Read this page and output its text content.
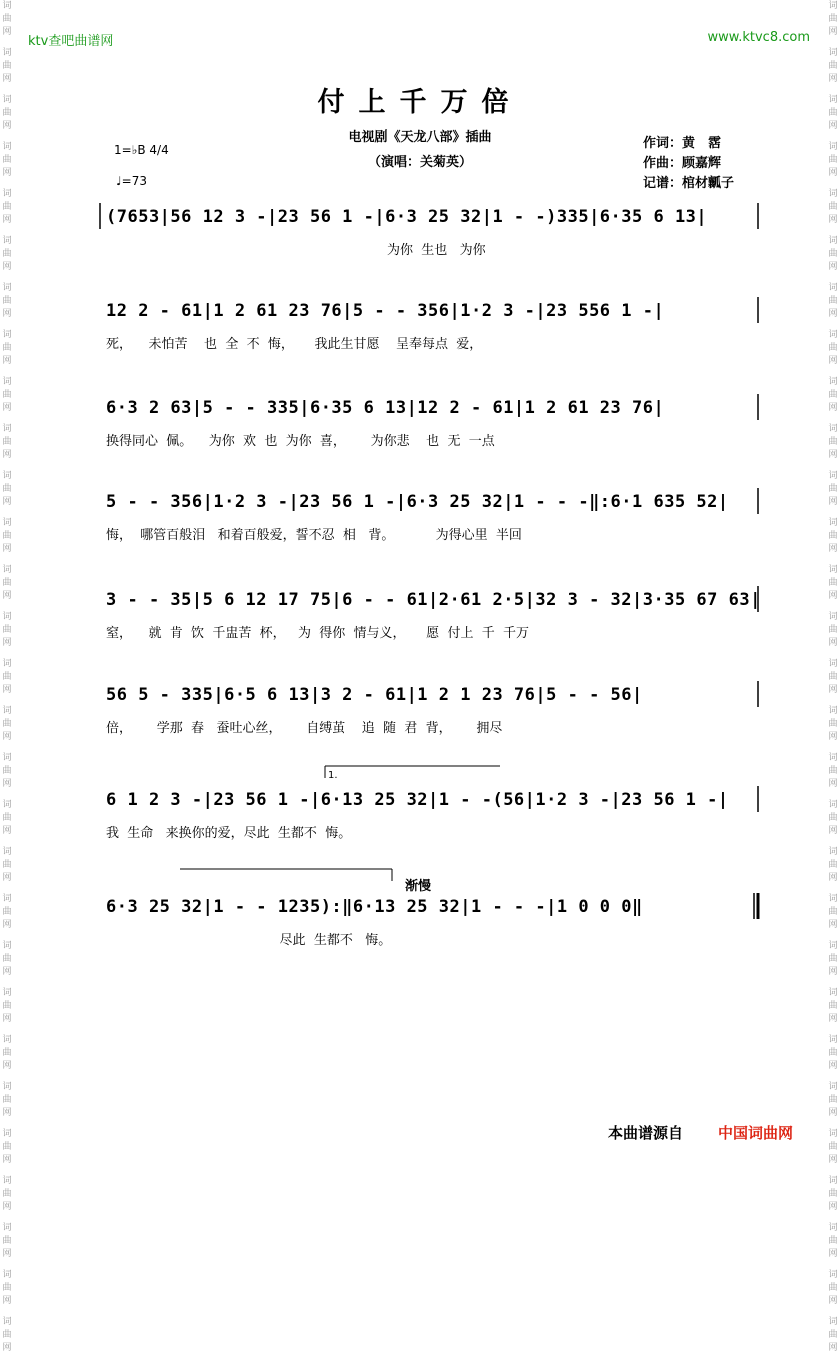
词
曲
网
词
曲
网
词
曲
网
词
曲
网
词
曲
网
词
曲
网
词
曲
网
词
曲
网
词
曲
网
词
曲
网
词
曲
网
词
曲
网
词
曲
网
词
曲
网
词
曲
网
词
曲
网
词
曲
网
词
曲
网
词
曲
网
词
曲
网
词
曲
网
词
曲
网
词
曲
网
词
曲
网
词
曲
网
词
曲
网
词
曲
网
词
曲
网
词
曲
网
词
曲
网
词
曲
网
词
曲
网
词
曲
网
词
曲
网
词
曲
网
词
曲
网
词
曲
网
词
曲
网
词
曲
网
词
曲
网
词
曲
网
词
曲
网
词
曲
网
词
曲
网
词
曲
网
词
曲
网
词
曲
网
词
曲
网
词
曲
网
词
曲
网
词
曲
网
词
曲
网
词
曲
网
词
曲
网
词
曲
网
词
曲
网
词
曲
网
词
曲
网
ktv查吧曲谱网	www.ktvc8.com
付上千万倍
电视剧《天龙八部》插曲
（演唱：关菊英）
作词：黄　霑
作曲：顾嘉辉
记谱：棺材瓤子
1=♭B 4/4
♩=73
(7653|56 12 3 -|23 56 1 -|6·3 25 32|1 - -)335|6·35 6 13|
为你  生也   为你
12 2 - 61|1 2 61 23 76|5 - - 356|1·2 3 -|23 556 1 -|
死，    未怕苦    也  全  不  悔，     我此生甘愿    呈奉每点  爱，
6·3 2 63|5 - - 335|6·35 6 13|12 2 - 61|1 2 61 23 76|
换得同心  佩。    为你  欢  也  为你  喜，      为你悲    也  无  一点
5 - - 356|1·2 3 -|23 56 1 -|6·3 25 32|1 - - -‖:6·1 635 52|
悔，  哪管百般泪   和着百般爱，誓不忍  相   背。          为得心里  半回
3 - - 35|5 6 12 17 75|6 - - 61|2·61 2·5|32 3 - 32|3·35 67 63|
窒，    就  肯  饮  千盅苦  杯，   为  得你  情与义，     愿  付上  千  千万
56 5 - 335|6·5 6 13|3 2 - 61|1 2 1 23 76|5 - - 56|
倍，      学那  春   蚕吐心丝，      自缚茧    追  随  君  背，      拥尽
1.
6 1 2 3 -|23 56 1 -|6·13 25 32|1 - -(56|1·2 3 -|23 56 1 -|
我  生命   来换你的爱，尽此  生都不  悔。
渐慢
6·3 25 32|1 - - 1235):‖6·13 25 32|1 - - -|1 0 0 0‖
尽此  生都不   悔。
本曲谱源自 中国词曲网
